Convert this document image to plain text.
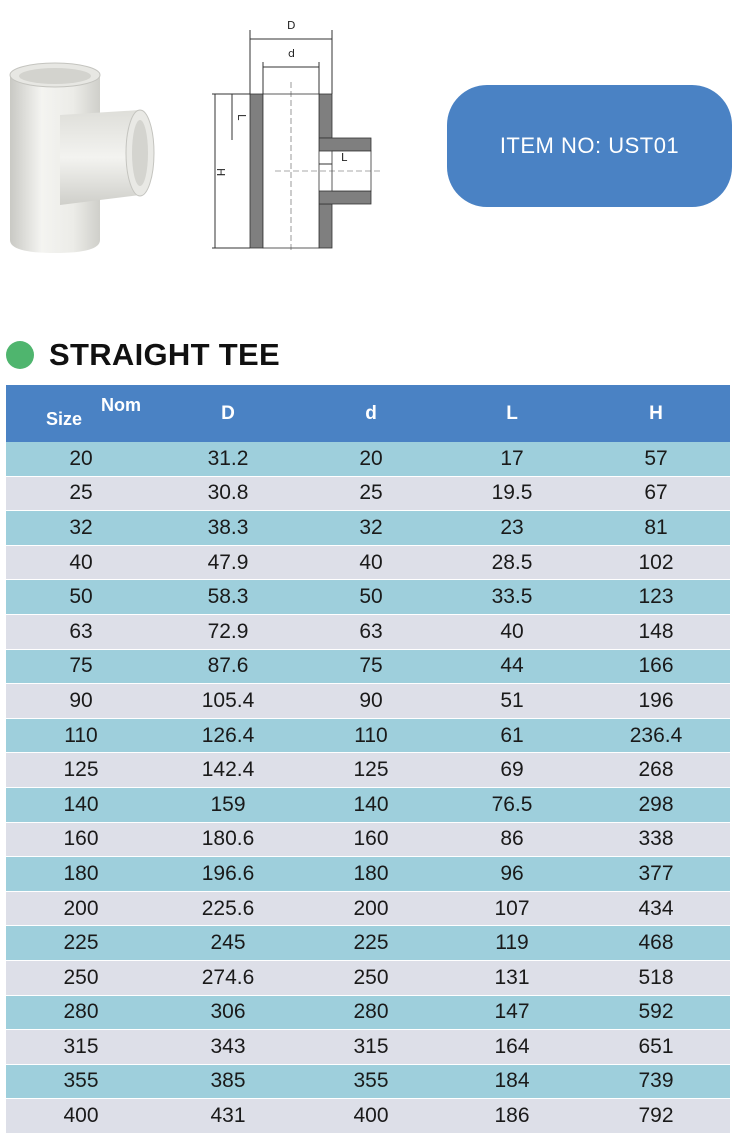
D
d
L
L
H
ITEM NO: UST01
STRAIGHT TEE
Size
Nom	D	d	L	H
20	31.2	20	17	57
25	30.8	25	19.5	67
32	38.3	32	23	81
40	47.9	40	28.5	102
50	58.3	50	33.5	123
63	72.9	63	40	148
75	87.6	75	44	166
90	105.4	90	51	196
110	126.4	110	61	236.4
125	142.4	125	69	268
140	159	140	76.5	298
160	180.6	160	86	338
180	196.6	180	96	377
200	225.6	200	107	434
225	245	225	119	468
250	274.6	250	131	518
280	306	280	147	592
315	343	315	164	651
355	385	355	184	739
400	431	400	186	792
